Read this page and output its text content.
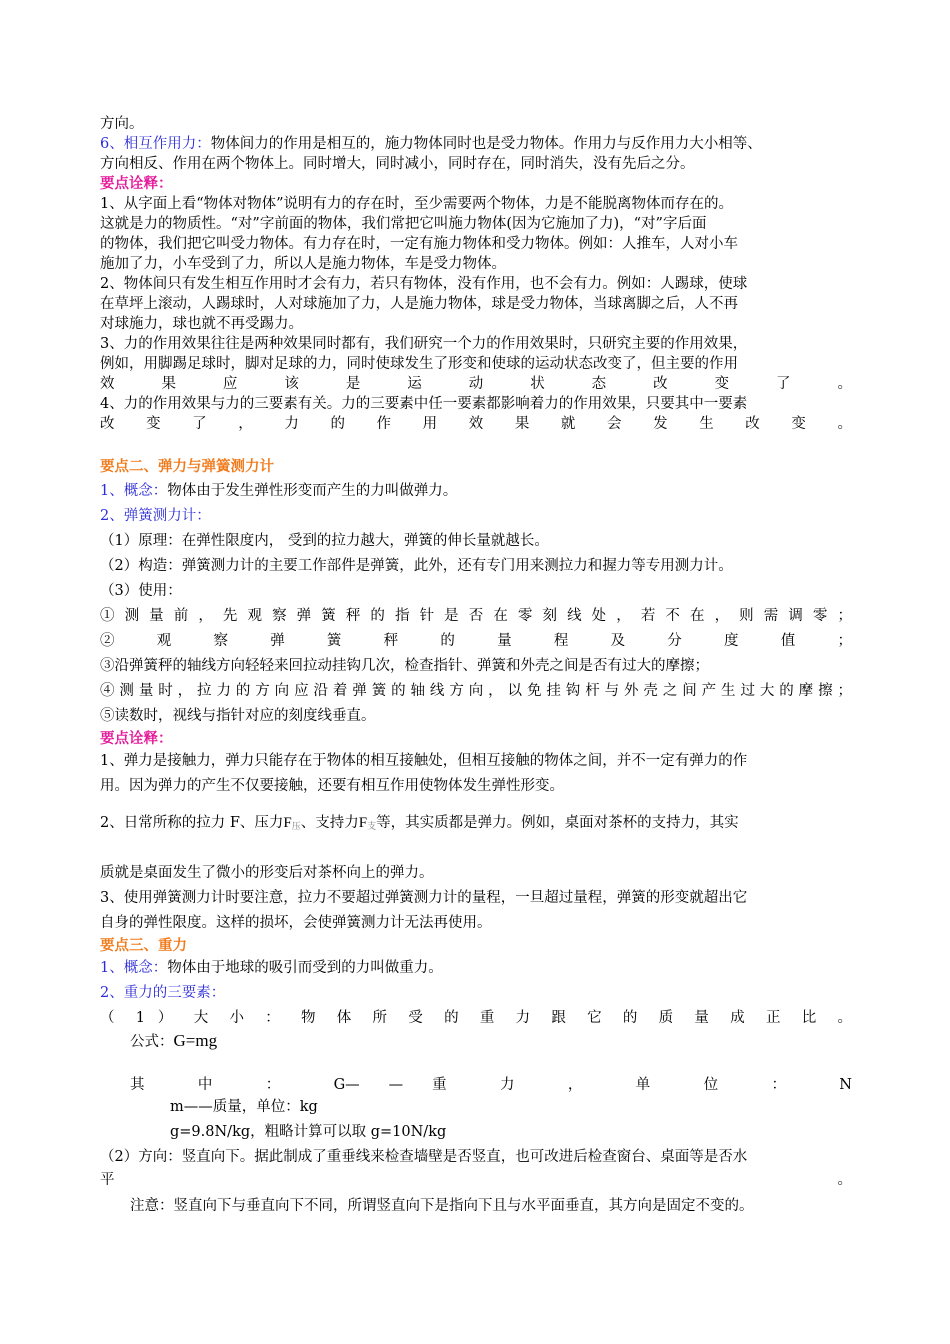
方向。
6、相互作用力：物体间力的作用是相互的，施力物体同时也是受力物体。作用力与反作用力大小相等、
方向相反、作用在两个物体上。同时增大，同时减小，同时存在，同时消失，没有先后之分。
要点诠释：
1、从字面上看“物体对物体”说明有力的存在时，至少需要两个物体，力是不能脱离物体而存在的。
这就是力的物质性。“对”字前面的物体，我们常把它叫施力物体(因为它施加了力)，“对”字后面
的物体，我们把它叫受力物体。有力存在时，一定有施力物体和受力物体。例如：人推车，人对小车
施加了力，小车受到了力，所以人是施力物体，车是受力物体。
2、物体间只有发生相互作用时才会有力，若只有物体，没有作用，也不会有力。例如：人踢球，使球
在草坪上滚动，人踢球时，人对球施加了力，人是施力物体，球是受力物体，当球离脚之后，人不再
对球施力，球也就不再受踢力。
3、力的作用效果往往是两种效果同时都有，我们研究一个力的作用效果时，只研究主要的作用效果，
例如，用脚踢足球时，脚对足球的力，同时使球发生了形变和使球的运动状态改变了，但主要的作用
效 果 应 该 是 运 动 状 态 改 变 了 。
4、力的作用效果与力的三要素有关。力的三要素中任一要素都影响着力的作用效果，只要其中一要素
改 变 了 ， 力 的 作 用 效 果 就 会 发 生 改 变 。
要点二、弹力与弹簧测力计
1、概念：物体由于发生弹性形变而产生的力叫做弹力。
2、弹簧测力计：
（1）原理：在弹性限度内， 受到的拉力越大，弹簧的伸长量就越长。
（2）构造：弹簧测力计的主要工作部件是弹簧，此外，还有专门用来测拉力和握力等专用测力计。
（3）使用：
① 测 量 前 ， 先 观 察 弹 簧 秤 的 指 针 是 否 在 零 刻 线 处 ， 若 不 在 ， 则 需 调 零 ；
② 观 察 弹 簧 秤 的 量 程 及 分 度 值 ；
③沿弹簧秤的轴线方向轻轻来回拉动挂钩几次，检查指针、弹簧和外壳之间是否有过大的摩擦；
④ 测 量 时 ， 拉 力 的 方 向 应 沿 着 弹 簧 的 轴 线 方 向 ， 以 免 挂 钩 杆 与 外 壳 之 间 产 生 过 大 的 摩 擦 ；
⑤读数时，视线与指针对应的刻度线垂直。
要点诠释：
1、弹力是接触力，弹力只能存在于物体的相互接触处，但相互接触的物体之间，并不一定有弹力的作
用。因为弹力的产生不仅要接触，还要有相互作用使物体发生弹性形变。
2、日常所称的拉力 F、压力$F_压$、支持力$F_支$等，其实质都是弹力。例如，桌面对茶杯的支持力，其实
质就是桌面发生了微小的形变后对茶杯向上的弹力。
3、使用弹簧测力计时要注意，拉力不要超过弹簧测力计的量程，一旦超过量程，弹簧的形变就超出它
自身的弹性限度。这样的损坏，会使弹簧测力计无法再使用。
要点三、重力
1、概念：物体由于地球的吸引而受到的力叫做重力。
2、重力的三要素：
（ 1 ） 大 小 ： 物 体 所 受 的 重 力 跟 它 的 质 量 成 正 比 。
公式：G=mg
其 中 ： G— — 重 力 ， 单 位 ： N
m——质量，单位：kg
g=9.8N/kg，粗略计算可以取 g=10N/kg
（2）方向：竖直向下。据此制成了重垂线来检查墙壁是否竖直，也可改进后检查窗台、桌面等是否水
平 。
注意：竖直向下与垂直向下不同，所谓竖直向下是指向下且与水平面垂直，其方向是固定不变的。
